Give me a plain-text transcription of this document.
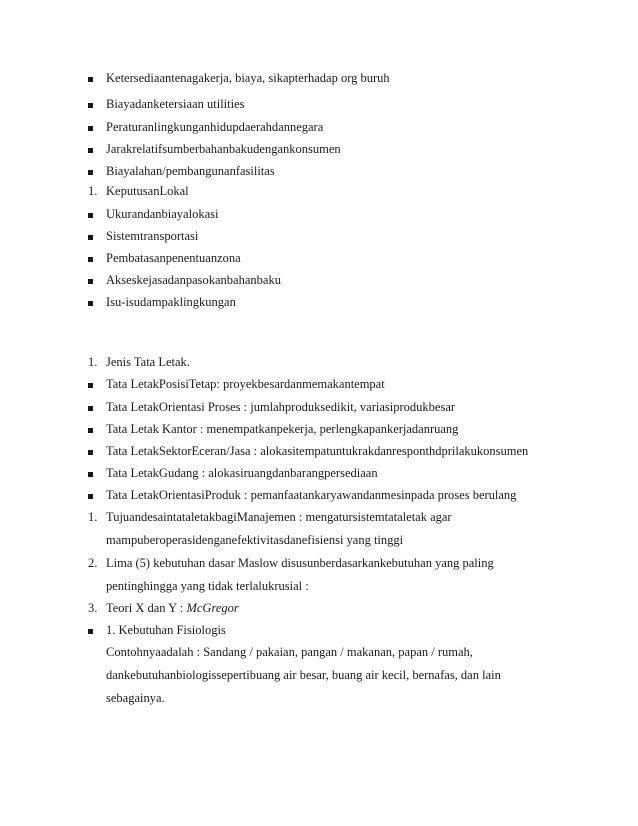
Ketersediaantenagakerja, biaya, sikapterhadap org buruh
Biayadanketersiaan utilities
Peraturanlingkunganhidupdaerahdannegara
Jarakrelatifsumberbahanbakudengankonsumen
Biayalahan/pembangunanfasilitas
1. KeputusanLokal
Ukurandanbiayalokasi
Sistemtransportasi
Pembatasanpenentuanzona
Akseskejasadanpasokanbahanbaku
Isu-isudampaklingkungan
1. Jenis Tata Letak.
Tata LetakPosisiTetap: proyekbesardanmemakantempat
Tata LetakOrientasi Proses : jumlahproduksedikit, variasiprodukbesar
Tata Letak Kantor : menempatkanpekerja, perlengkapankerjadanruang
Tata LetakSektorEceran/Jasa : alokasitempatuntukrakdanresponthdprilakukonsumen
Tata LetakGudang : alokasiruangdanbarangpersediaan
Tata LetakOrientasiProduk : pemanfaatankaryawandanmesinpada proses berulang
1. TujuandesaintataletakbagiManajemen : mengatursistemtataletak agar
mampuberoperasidenganefektivitasdanefisiensi yang tinggi
2. Lima (5) kebutuhan dasar Maslow disusunberdasarkankebutuhan yang paling
pentinghingga yang tidak terlalukrusial :
3. Teori X dan Y : McGregor
1. Kebutuhan Fisiologis
Contohnyaadalah : Sandang / pakaian, pangan / makanan, papan / rumah,
dankebutuhanbiologissepertibuang air besar, buang air kecil, bernafas, dan lain
sebagainya.
